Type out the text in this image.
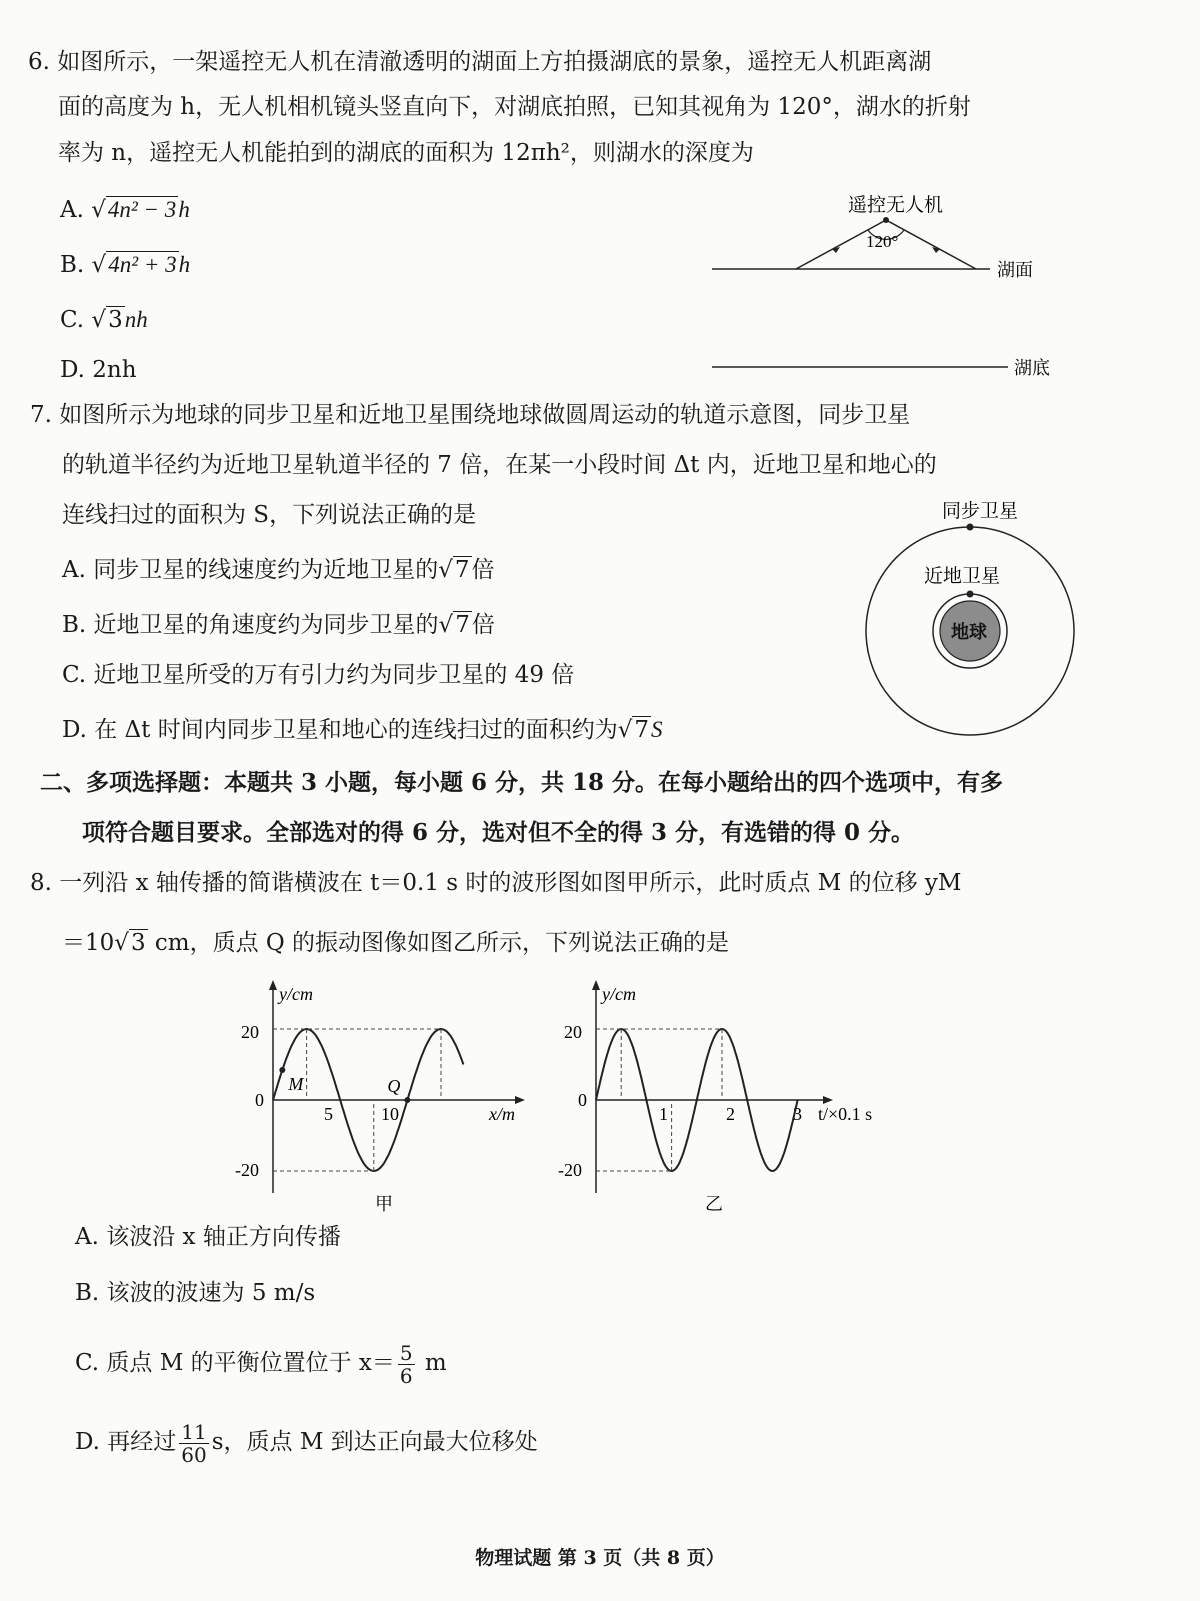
6. 如图所示，一架遥控无人机在清澈透明的湖面上方拍摄湖底的景象，遥控无人机距离湖
面的高度为 h，无人机相机镜头竖直向下，对湖底拍照，已知其视角为 120°，湖水的折射
率为 n，遥控无人机能拍到的湖底的面积为 12πh²，则湖水的深度为
A. √4n² − 3h
B. √4n² + 3h
C. √3nh
D. 2nh
遥控无人机
120°
湖面
湖底
7. 如图所示为地球的同步卫星和近地卫星围绕地球做圆周运动的轨道示意图，同步卫星
的轨道半径约为近地卫星轨道半径的 7 倍，在某一小段时间 Δt 内，近地卫星和地心的
连线扫过的面积为 S，下列说法正确的是
A. 同步卫星的线速度约为近地卫星的√7倍
B. 近地卫星的角速度约为同步卫星的√7倍
C. 近地卫星所受的万有引力约为同步卫星的 49 倍
D. 在 Δt 时间内同步卫星和地心的连线扫过的面积约为√7S
同步卫星
近地卫星
地球
二、多项选择题：本题共 3 小题，每小题 6 分，共 18 分。在每小题给出的四个选项中，有多
项符合题目要求。全部选对的得 6 分，选对但不全的得 3 分，有选错的得 0 分。
8. 一列沿 x 轴传播的简谐横波在 t＝0.1 s 时的波形图如图甲所示，此时质点 M 的位移 yM
＝10√3 cm，质点 Q 的振动图像如图乙所示，下列说法正确的是
y/cm
x/m
20
0
-20
5	10
M	Q
甲
y/cm
t/×0.1 s
20
0
-20
1	2	3
乙
A. 该波沿 x 轴正方向传播
B. 该波的波速为 5 m/s
C. 质点 M 的平衡位置位于 $x= \frac{5}{6}$ m
D. 再经过 $\frac{11}{60}$ s，质点 M 到达正向最大位移处
物理试题 第 3 页（共 8 页）
